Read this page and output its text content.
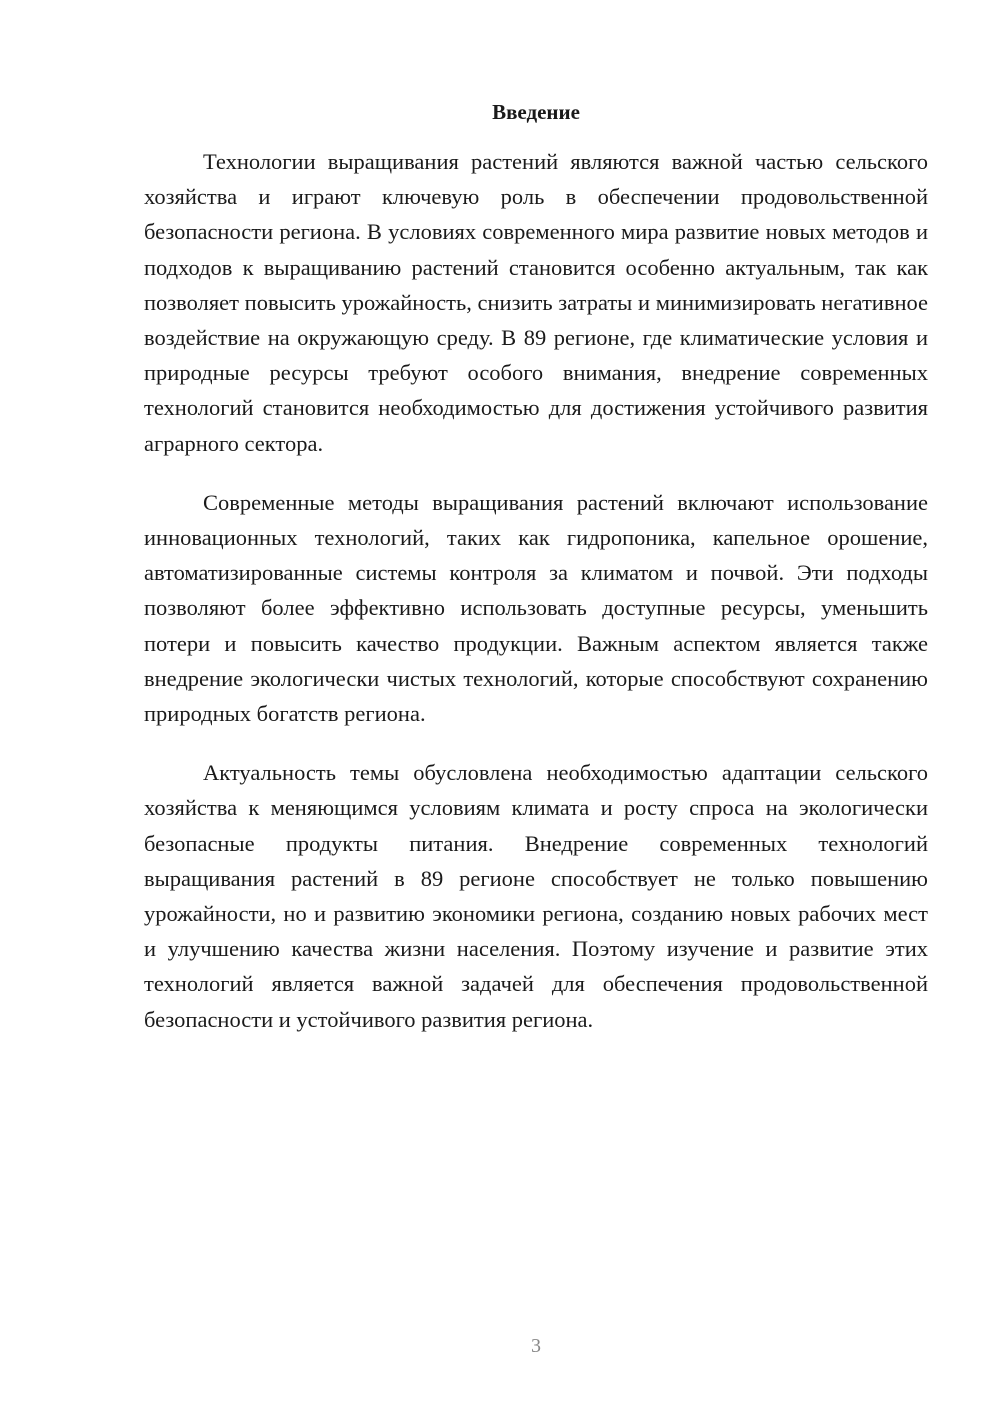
Введение

Технологии выращивания растений являются важной частью сельского хозяйства и играют ключевую роль в обеспечении продовольственной безопасности региона. В условиях современного мира развитие новых методов и подходов к выращиванию растений становится особенно актуальным, так как позволяет повысить урожайность, снизить затраты и минимизировать негативное воздействие на окружающую среду. В 89 регионе, где климатические условия и природные ресурсы требуют особого внимания, внедрение современных технологий становится необходимостью для достижения устойчивого развития аграрного сектора.

Современные методы выращивания растений включают использование инновационных технологий, таких как гидропоника, капельное орошение, автоматизированные системы контроля за климатом и почвой. Эти подходы позволяют более эффективно использовать доступные ресурсы, уменьшить потери и повысить качество продукции. Важным аспектом является также внедрение экологически чистых технологий, которые способствуют сохранению природных богатств региона.

Актуальность темы обусловлена необходимостью адаптации сельского хозяйства к меняющимся условиям климата и росту спроса на экологически безопасные продукты питания. Внедрение современных технологий выращивания растений в 89 регионе способствует не только повышению урожайности, но и развитию экономики региона, созданию новых рабочих мест и улучшению качества жизни населения. Поэтому изучение и развитие этих технологий является важной задачей для обеспечения продовольственной безопасности и устойчивого развития региона.

3
